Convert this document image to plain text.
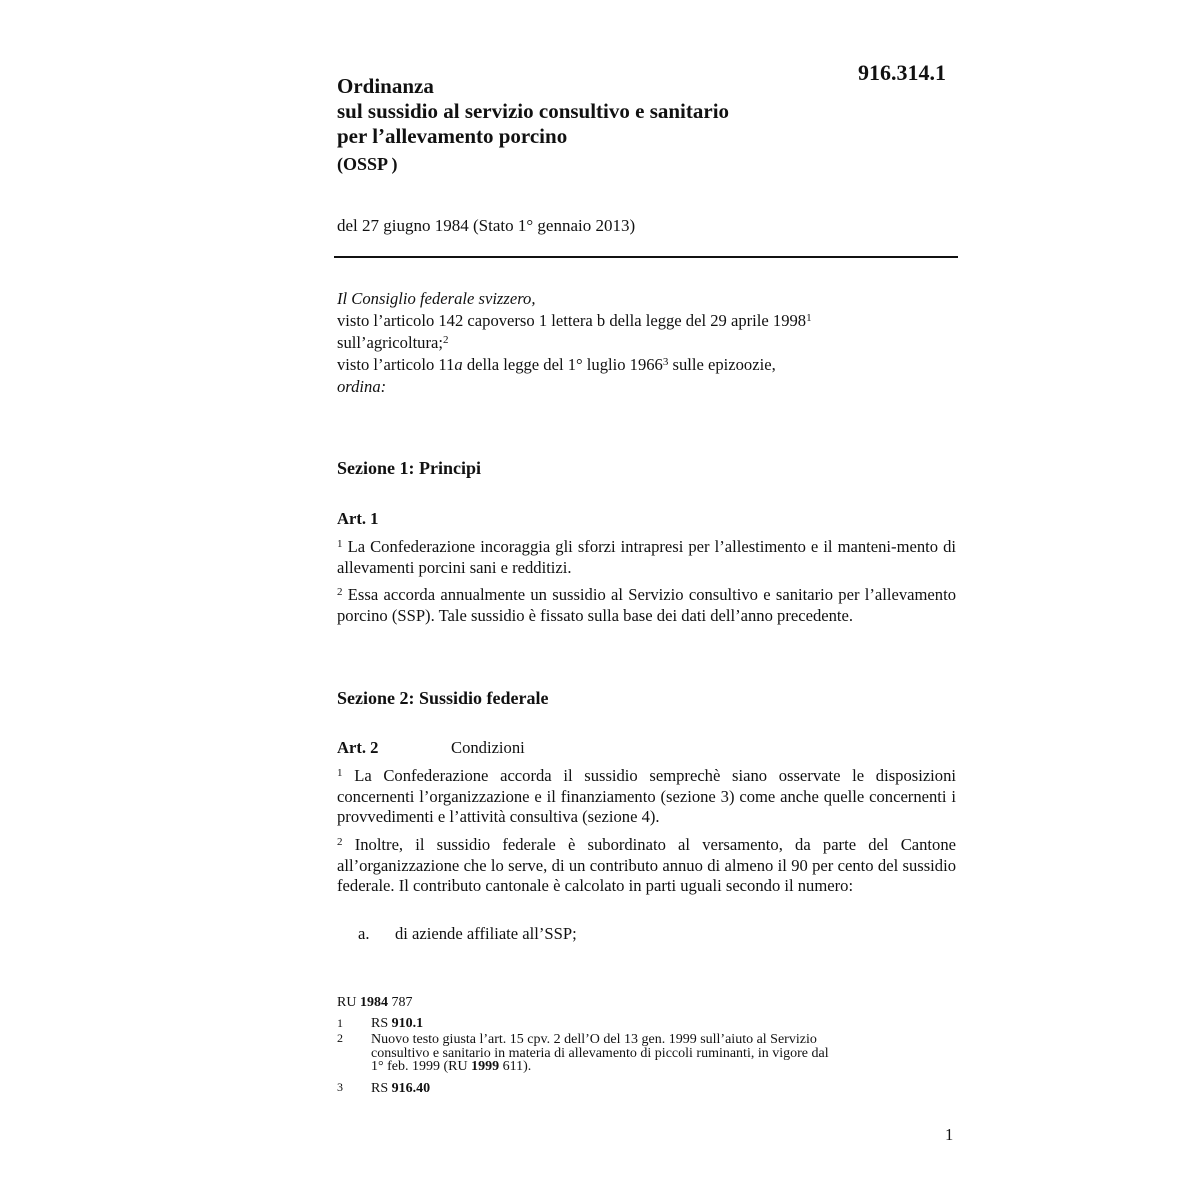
916.314.1
Ordinanza
sul sussidio al servizio consultivo e sanitario
per l’allevamento porcino
(OSSP )
del 27 giugno 1984 (Stato 1° gennaio 2013)
Il Consiglio federale svizzero,
visto l’articolo 142 capoverso 1 lettera b della legge del 29 aprile 1998$^1$
sull’agricoltura;$^2$
visto l’articolo 11a della legge del 1° luglio 1966$^3$ sulle epizoozie,
ordina:
Sezione 1: Principi
Art. 1
$^1$ La Confederazione incoraggia gli sforzi intrapresi per l’allestimento e il manteni-mento di allevamenti porcini sani e redditizi.
$^2$ Essa accorda annualmente un sussidio al Servizio consultivo e sanitario per l’allevamento porcino (SSP). Tale sussidio è fissato sulla base dei dati dell’anno precedente.
Sezione 2: Sussidio federale
Art. 2	Condizioni
$^1$ La Confederazione accorda il sussidio semprechè siano osservate le disposizioni concernenti l’organizzazione e il finanziamento (sezione 3) come anche quelle concernenti i provvedimenti e l’attività consultiva (sezione 4).
$^2$ Inoltre, il sussidio federale è subordinato al versamento, da parte del Cantone all’organizzazione che lo serve, di un contributo annuo di almeno il 90 per cento del sussidio federale. Il contributo cantonale è calcolato in parti uguali secondo il numero:
a. di aziende affiliate all’SSP;
RU 1984 787
1 RS 910.1
2 Nuovo testo giusta l’art. 15 cpv. 2 dell’O del 13 gen. 1999 sull’aiuto al Servizio
consultivo e sanitario in materia di allevamento di piccoli ruminanti, in vigore dal
1° feb. 1999 (RU 1999 611).
3 RS 916.40
1
